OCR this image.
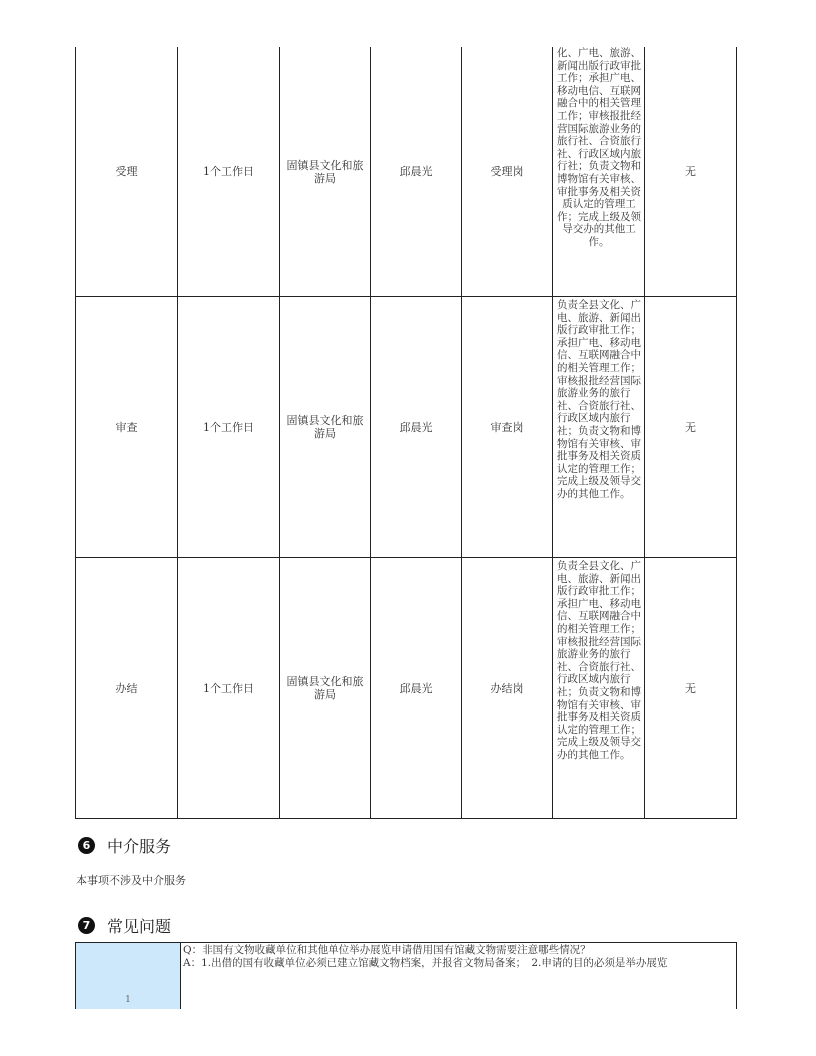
受理	1个工作日	固镇县文化和旅游局	邱晨光	受理岗	化、广电、旅游、新闻出版行政审批工作；承担广电、移动电信、互联网融合中的相关管理工作；审核报批经营国际旅游业务的旅行社、合资旅行社、行政区域内旅行社；负责文物和博物馆有关审核、审批事务及相关资质认定的管理工作；完成上级及领导交办的其他工作。	无
审查	1个工作日	固镇县文化和旅游局	邱晨光	审查岗	负责全县文化、广电、旅游、新闻出版行政审批工作；承担广电、移动电信、互联网融合中的相关管理工作；审核报批经营国际旅游业务的旅行社、合资旅行社、行政区域内旅行社；负责文物和博物馆有关审核、审批事务及相关资质认定的管理工作；完成上级及领导交办的其他工作。	无
办结	1个工作日	固镇县文化和旅游局	邱晨光	办结岗	负责全县文化、广电、旅游、新闻出版行政审批工作；承担广电、移动电信、互联网融合中的相关管理工作；审核报批经营国际旅游业务的旅行社、合资旅行社、行政区域内旅行社；负责文物和博物馆有关审核、审批事务及相关资质认定的管理工作；完成上级及领导交办的其他工作。	无
6 中介服务
本事项不涉及中介服务
7 常见问题
1
Q：非国有文物收藏单位和其他单位举办展览申请借用国有馆藏文物需要注意哪些情况？
A：1.出借的国有收藏单位必须已建立馆藏文物档案，并报省文物局备案；　2.申请的目的必须是举办展览
